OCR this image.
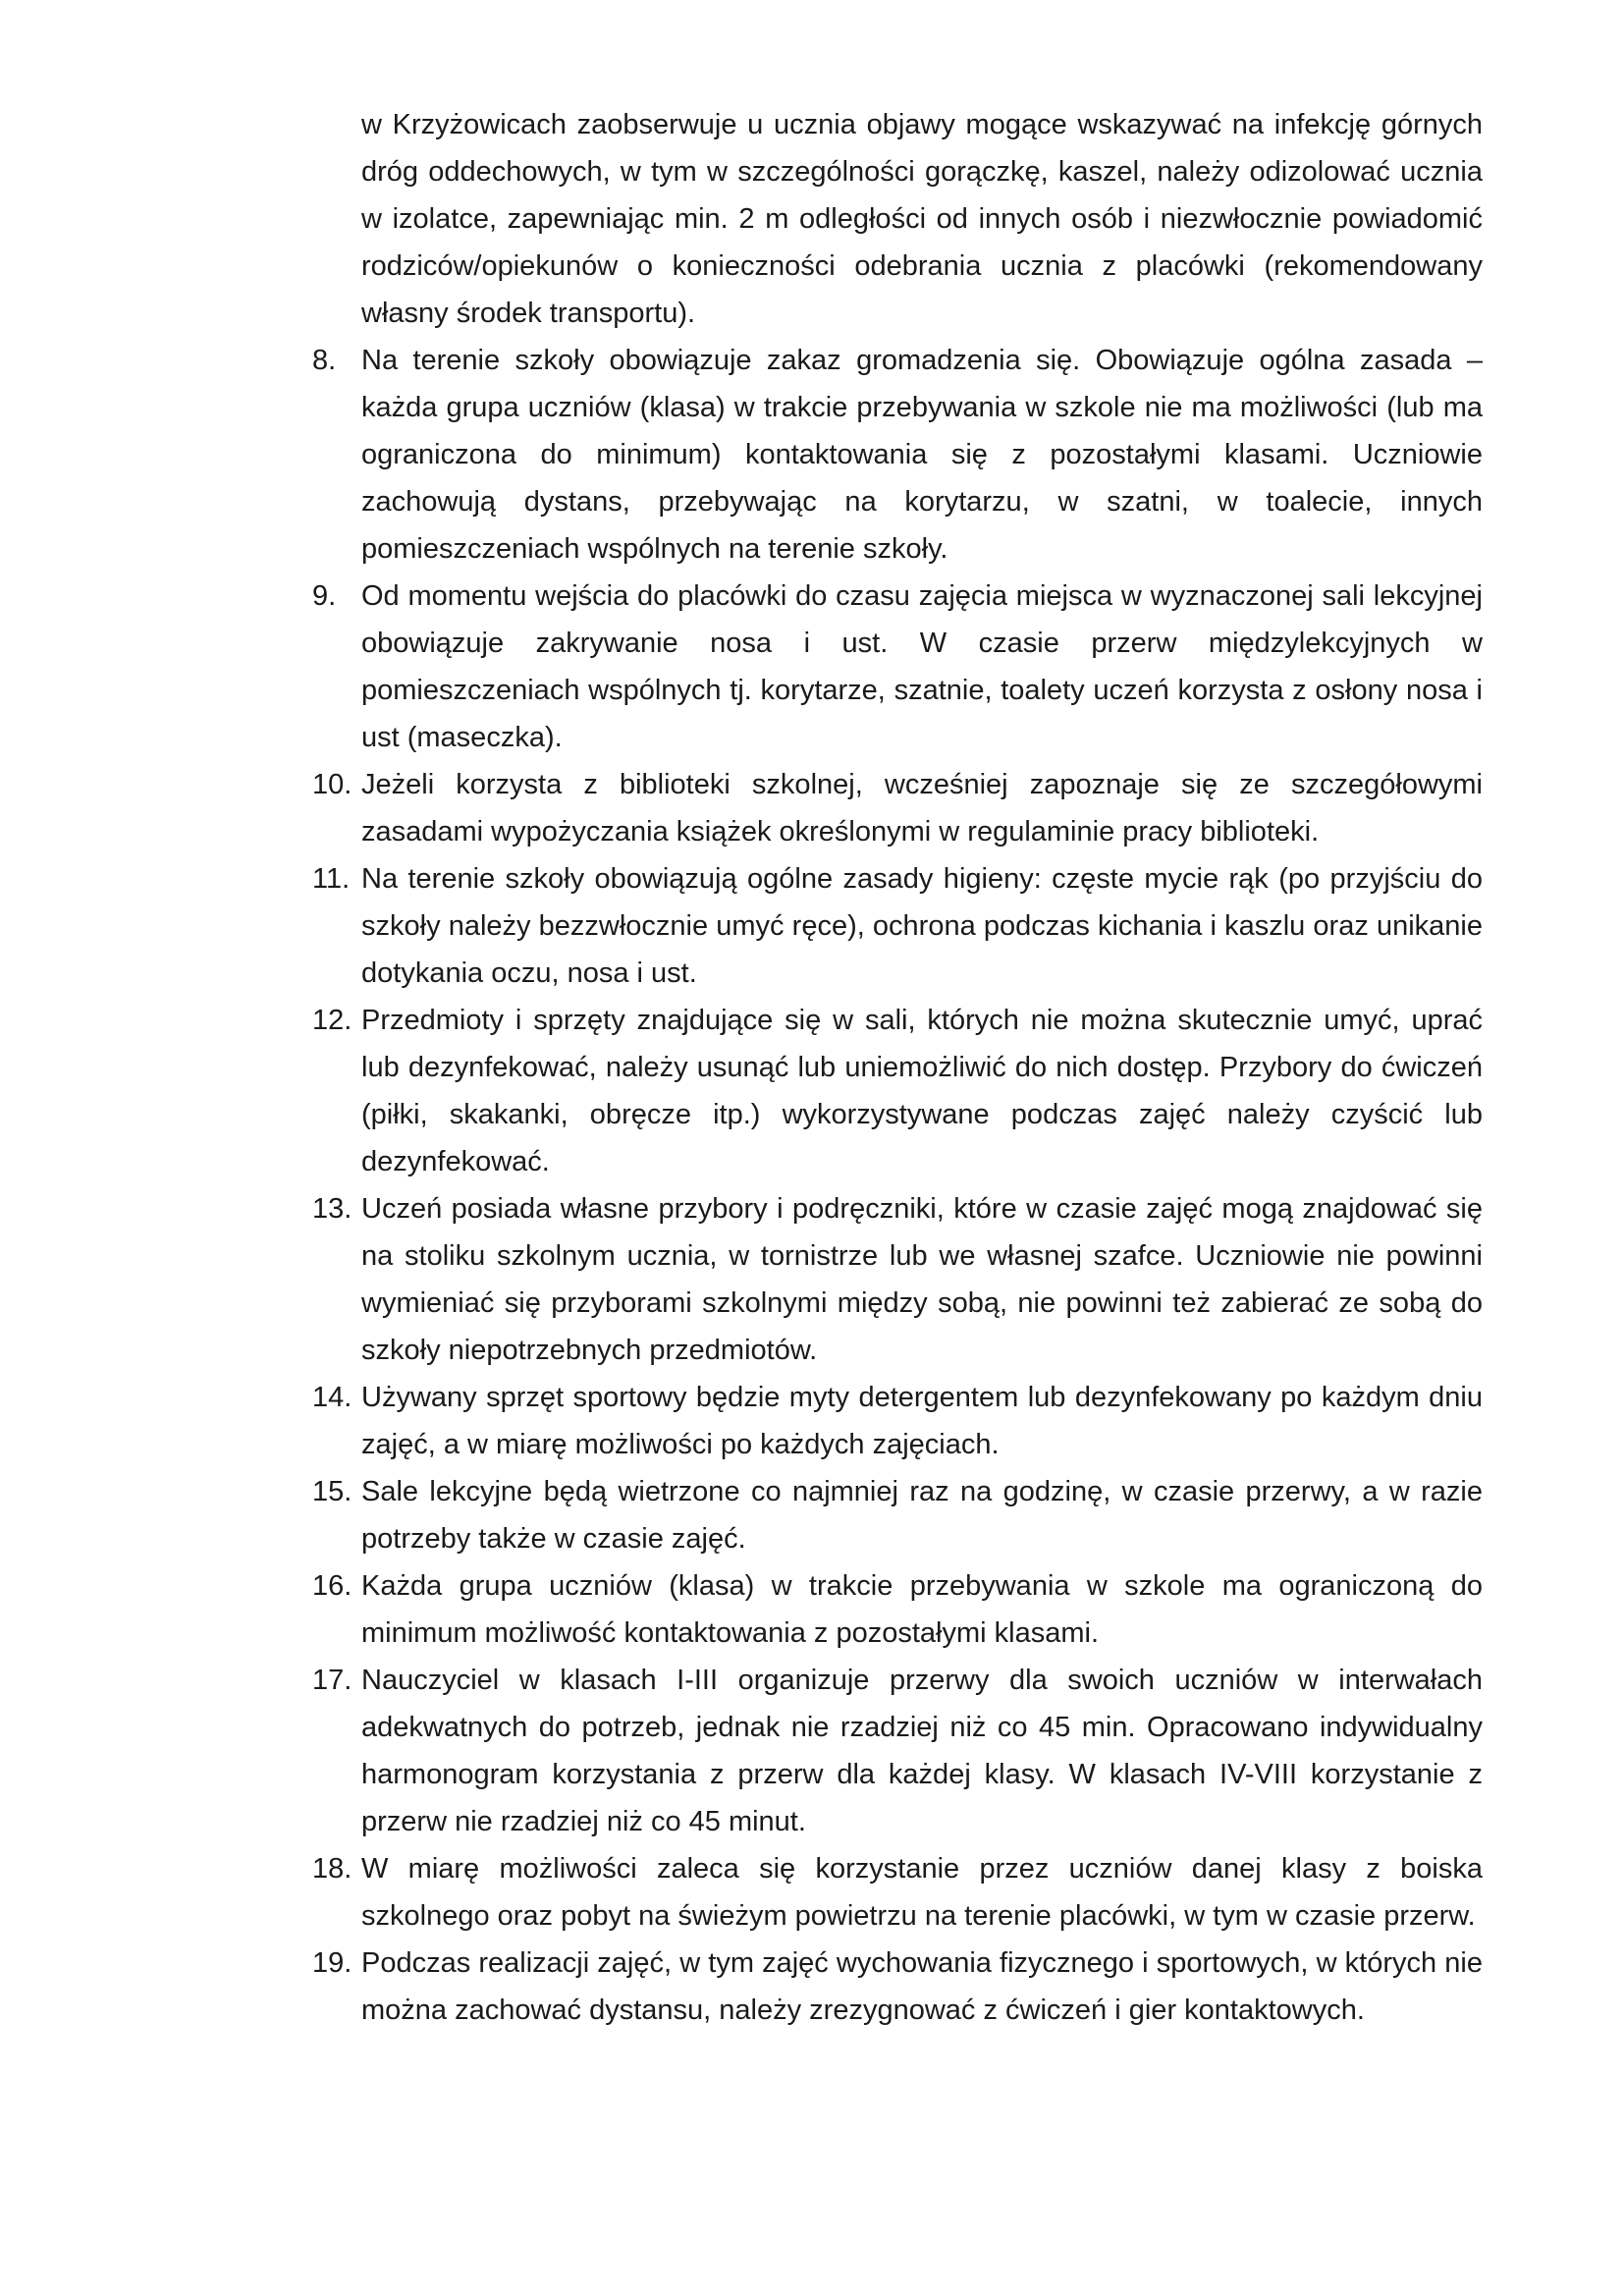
w Krzyżowicach zaobserwuje u ucznia objawy mogące wskazywać na infekcję górnych dróg oddechowych, w tym w szczególności gorączkę, kaszel, należy odizolować ucznia w izolatce, zapewniając min. 2 m odległości od innych osób i niezwłocznie powiadomić rodziców/opiekunów o konieczności odebrania ucznia z placówki (rekomendowany własny środek transportu).

8. Na terenie szkoły obowiązuje zakaz gromadzenia się. Obowiązuje ogólna zasada – każda grupa uczniów (klasa) w trakcie przebywania w szkole nie ma możliwości (lub ma ograniczona do minimum) kontaktowania się z pozostałymi klasami. Uczniowie zachowują dystans, przebywając na korytarzu, w szatni, w toalecie, innych pomieszczeniach wspólnych na terenie szkoły.
9. Od momentu wejścia do placówki do czasu zajęcia miejsca w wyznaczonej sali lekcyjnej obowiązuje zakrywanie nosa i ust. W czasie przerw międzylekcyjnych w pomieszczeniach wspólnych tj. korytarze, szatnie, toalety uczeń korzysta z osłony nosa i ust (maseczka).
10. Jeżeli korzysta z biblioteki szkolnej, wcześniej zapoznaje się ze szczegółowymi zasadami wypożyczania książek określonymi w regulaminie pracy biblioteki.
11. Na terenie szkoły obowiązują ogólne zasady higieny: częste mycie rąk (po przyjściu do szkoły należy bezzwłocznie umyć ręce), ochrona podczas kichania i kaszlu oraz unikanie dotykania oczu, nosa i ust.
12. Przedmioty i sprzęty znajdujące się w sali, których nie można skutecznie umyć, uprać lub dezynfekować, należy usunąć lub uniemożliwić do nich dostęp. Przybory do ćwiczeń (piłki, skakanki, obręcze itp.) wykorzystywane podczas zajęć należy czyścić lub dezynfekować.
13. Uczeń posiada własne przybory i podręczniki, które w czasie zajęć mogą znajdować się na stoliku szkolnym ucznia, w tornistrze lub we własnej szafce. Uczniowie nie powinni wymieniać się przyborami szkolnymi między sobą, nie powinni też zabierać ze sobą do szkoły niepotrzebnych przedmiotów.
14. Używany sprzęt sportowy będzie myty detergentem lub dezynfekowany po każdym dniu zajęć, a w miarę możliwości po każdych zajęciach.
15. Sale lekcyjne będą wietrzone co najmniej raz na godzinę, w czasie przerwy, a w razie potrzeby także w czasie zajęć.
16. Każda grupa uczniów (klasa) w trakcie przebywania w szkole ma ograniczoną do minimum możliwość kontaktowania z pozostałymi klasami.
17. Nauczyciel w klasach I-III organizuje przerwy dla swoich uczniów w interwałach adekwatnych do potrzeb, jednak nie rzadziej niż co 45 min. Opracowano indywidualny harmonogram korzystania z przerw dla każdej klasy. W klasach IV-VIII korzystanie z przerw nie rzadziej niż co 45 minut.
18. W miarę możliwości zaleca się korzystanie przez uczniów danej klasy z boiska szkolnego oraz pobyt na świeżym powietrzu na terenie placówki, w tym w czasie przerw.
19. Podczas realizacji zajęć, w tym zajęć wychowania fizycznego i sportowych, w których nie można zachować dystansu, należy zrezygnować z ćwiczeń i gier kontaktowych.
